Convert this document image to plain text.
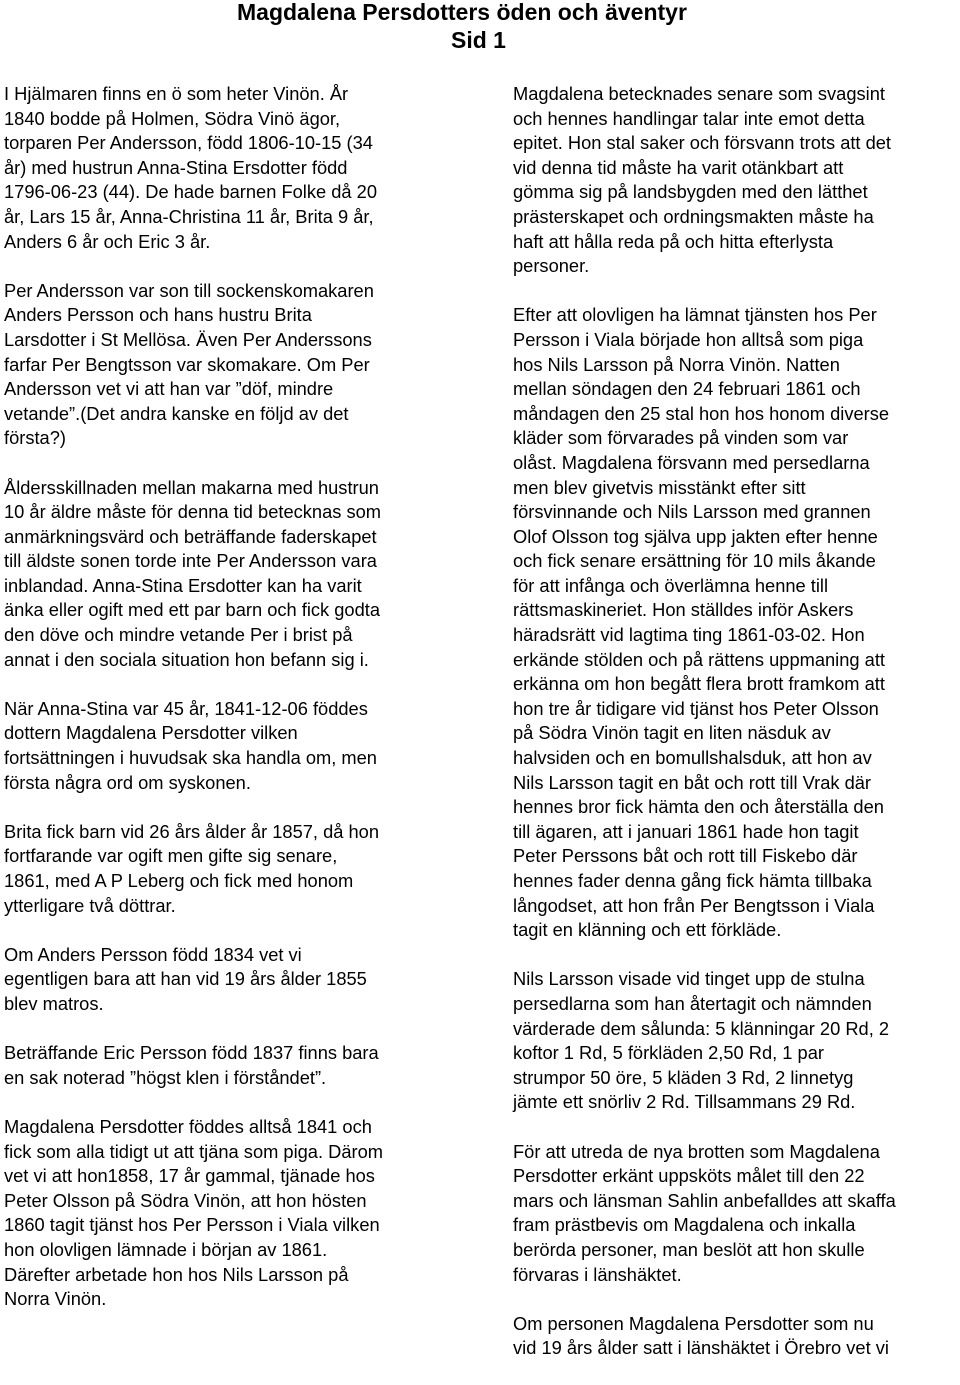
Magdalena Persdotters öden och äventyr
Sid 1
I Hjälmaren finns en ö som heter Vinön. År
1840 bodde på Holmen, Södra Vinö ägor,
torparen Per Andersson, född 1806-10-15 (34
år) med hustrun Anna-Stina Ersdotter född
1796-06-23 (44). De hade barnen Folke då 20
år, Lars 15 år, Anna-Christina 11 år, Brita 9 år,
Anders 6 år och Eric 3 år.
Per Andersson var son till sockenskomakaren
Anders Persson och hans hustru Brita
Larsdotter i St Mellösa. Även Per Anderssons
farfar Per Bengtsson var skomakare. Om Per
Andersson vet vi att han var ”döf, mindre
vetande”.(Det andra kanske en följd av det
första?)
Åldersskillnaden mellan makarna med hustrun
10 år äldre måste för denna tid betecknas som
anmärkningsvärd och beträffande faderskapet
till äldste sonen torde inte Per Andersson vara
inblandad. Anna-Stina Ersdotter kan ha varit
änka eller ogift med ett par barn och fick godta
den döve och mindre vetande Per i brist på
annat i den sociala situation hon befann sig i.
När Anna-Stina var 45 år, 1841-12-06 föddes
dottern Magdalena Persdotter vilken
fortsättningen i huvudsak ska handla om, men
första några ord om syskonen.
Brita fick barn vid 26 års ålder år 1857, då hon
fortfarande var ogift men gifte sig senare,
1861, med A P Leberg och fick med honom
ytterligare två döttrar.
Om Anders Persson född 1834 vet vi
egentligen bara att han vid 19 års ålder 1855
blev matros.
Beträffande Eric Persson född 1837 finns bara
en sak noterad ”högst klen i förståndet”.
Magdalena Persdotter föddes alltså 1841 och
fick som alla tidigt ut att tjäna som piga. Därom
vet vi att hon1858, 17 år gammal, tjänade hos
Peter Olsson på Södra Vinön, att hon hösten
1860 tagit tjänst hos Per Persson i Viala vilken
hon olovligen lämnade i början av 1861.
Därefter arbetade hon hos Nils Larsson på
Norra Vinön.
Magdalena betecknades senare som svagsint
och hennes handlingar talar inte emot detta
epitet. Hon stal saker och försvann trots att det
vid denna tid måste ha varit otänkbart att
gömma sig på landsbygden med den lätthet
prästerskapet och ordningsmakten måste ha
haft att hålla reda på och hitta efterlysta
personer.
Efter att olovligen ha lämnat tjänsten hos Per
Persson i Viala började hon alltså som piga
hos Nils Larsson på Norra Vinön. Natten
mellan söndagen den 24 februari 1861 och
måndagen den 25 stal hon hos honom diverse
kläder som förvarades på vinden som var
olåst. Magdalena försvann med persedlarna
men blev givetvis misstänkt efter sitt
försvinnande och Nils Larsson med grannen
Olof Olsson tog själva upp jakten efter henne
och fick senare ersättning för 10 mils åkande
för att infånga och överlämna henne till
rättsmaskineriet. Hon ställdes inför Askers
häradsrätt vid lagtima ting 1861-03-02. Hon
erkände stölden och på rättens uppmaning att
erkänna om hon begått flera brott framkom att
hon tre år tidigare vid tjänst hos Peter Olsson
på Södra Vinön tagit en liten näsduk av
halvsiden och en bomullshalsduk, att hon av
Nils Larsson tagit en båt och rott till Vrak där
hennes bror fick hämta den och återställa den
till ägaren, att i januari 1861 hade hon tagit
Peter Perssons båt och rott till Fiskebo där
hennes fader denna gång fick hämta tillbaka
långodset, att hon från Per Bengtsson i Viala
tagit en klänning och ett förkläde.
Nils Larsson visade vid tinget upp de stulna
persedlarna som han återtagit och nämnden
värderade dem sålunda: 5 klänningar 20 Rd, 2
koftor 1 Rd, 5 förkläden 2,50 Rd, 1 par
strumpor 50 öre, 5 kläden 3 Rd, 2 linnetyg
jämte ett snörliv 2 Rd. Tillsammans 29 Rd.
För att utreda de nya brotten som Magdalena
Persdotter erkänt uppsköts målet till den 22
mars och länsman Sahlin anbefalldes att skaffa
fram prästbevis om Magdalena och inkalla
berörda personer, man beslöt att hon skulle
förvaras i länshäktet.
Om personen Magdalena Persdotter som nu
vid 19 års ålder satt i länshäktet i Örebro vet vi
